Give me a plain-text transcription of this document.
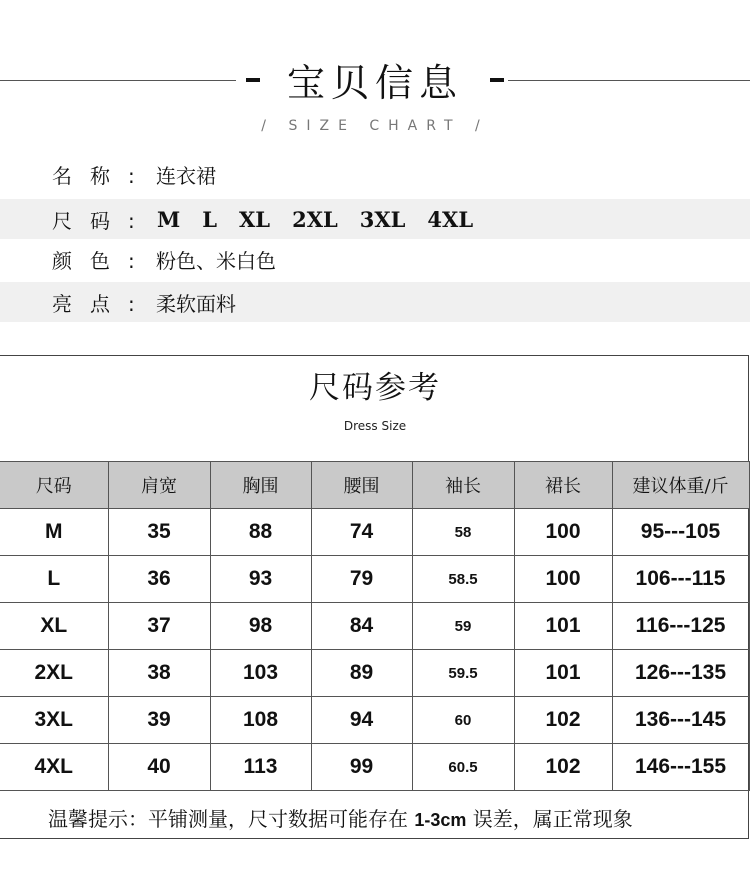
宝贝信息
/ SIZE CHART /
名称: 连衣裙
尺码: M L XL 2XL 3XL 4XL
颜色: 粉色、米白色
亮点: 柔软面料
尺码参考
Dress Size
尺码	肩宽	胸围	腰围	袖长	裙长	建议体重/斤
M	35	88	74	58	100	95---105
L	36	93	79	58.5	100	106---115
XL	37	98	84	59	101	116---125
2XL	38	103	89	59.5	101	126---135
3XL	39	108	94	60	102	136---145
4XL	40	113	99	60.5	102	146---155
温馨提示：平铺测量，尺寸数据可能存在 1-3cm 误差，属正常现象
